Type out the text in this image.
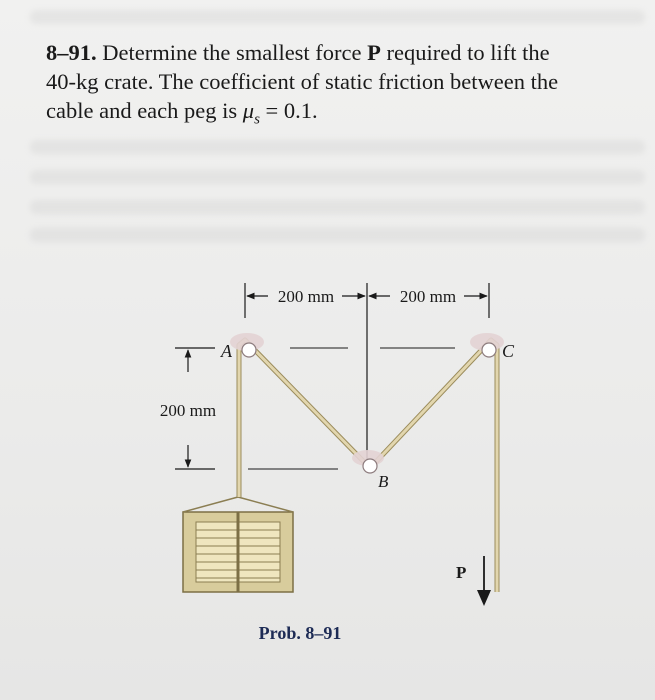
8–91. Determine the smallest force P required to lift the
40-kg crate. The coefficient of static friction between the
cable and each peg is $\mu_s = 0.1$.
200 mm	200 mm
200 mm
A
B
C
P
Prob. 8–91
